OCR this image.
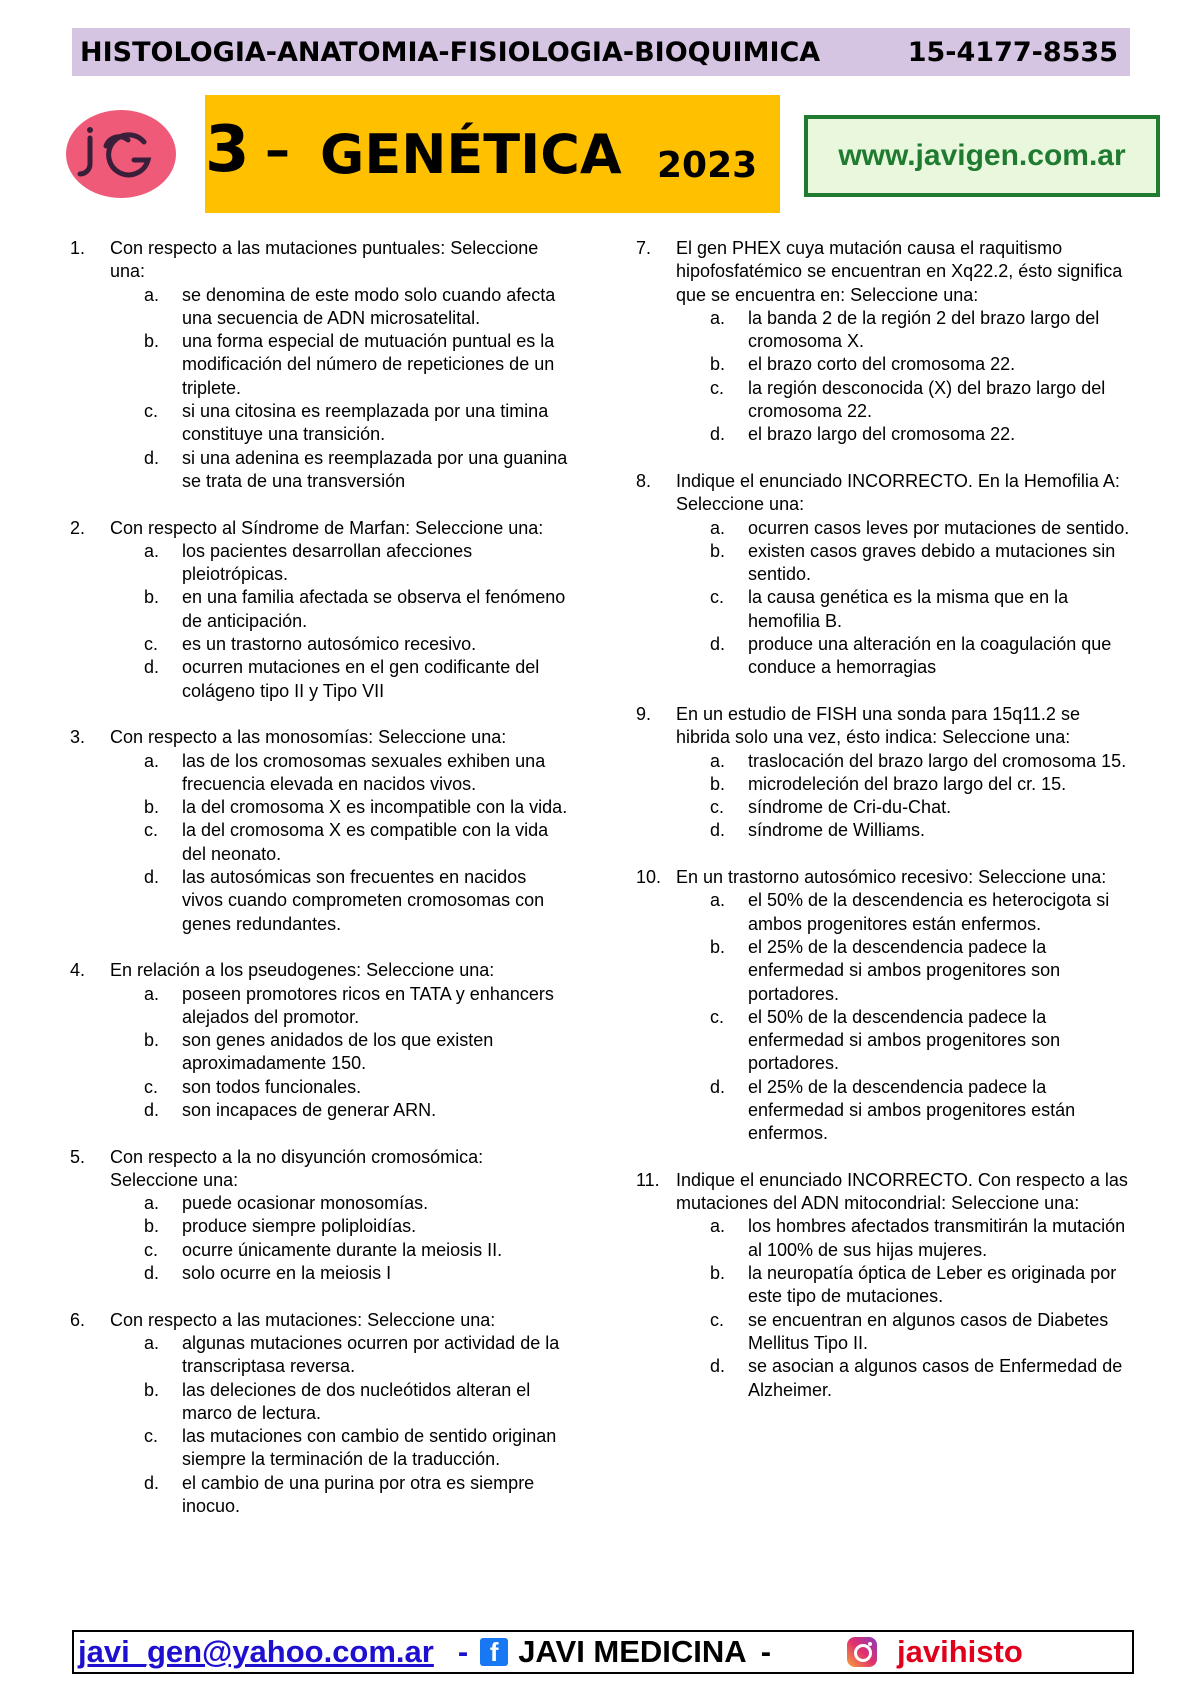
HISTOLOGIA-ANATOMIA-FISIOLOGIA-BIOQUIMICA	15-4177-8535
3 – GENÉTICA 2023	www.javigen.com.ar
1.	Con respecto a las mutaciones puntuales: Seleccione una:
a.	se denomina de este modo solo cuando afecta una secuencia de ADN microsatelital.
b.	una forma especial de mutuación puntual es la modificación del número de repeticiones de un triplete.
c.	si una citosina es reemplazada por una timina constituye una transición.
d.	si una adenina es reemplazada por una guanina se trata de una transversión
2.	Con respecto al Síndrome de Marfan: Seleccione una:
a.	los pacientes desarrollan afecciones pleiotrópicas.
b.	en una familia afectada se observa el fenómeno de anticipación.
c.	es un trastorno autosómico recesivo.
d.	ocurren mutaciones en el gen codificante del colágeno tipo II y Tipo VII
3.	Con respecto a las monosomías: Seleccione una:
a.	las de los cromosomas sexuales exhiben una frecuencia elevada en nacidos vivos.
b.	la del cromosoma X es incompatible con la vida.
c.	la del cromosoma X es compatible con la vida del neonato.
d.	las autosómicas son frecuentes en nacidos vivos cuando comprometen cromosomas con genes redundantes.
4.	En relación a los pseudogenes: Seleccione una:
a.	poseen promotores ricos en TATA y enhancers alejados del promotor.
b.	son genes anidados de los que existen aproximadamente 150.
c.	son todos funcionales.
d.	son incapaces de generar ARN.
5.	Con respecto a la no disyunción cromosómica: Seleccione una:
a.	puede ocasionar monosomías.
b.	produce siempre poliploidías.
c.	ocurre únicamente durante la meiosis II.
d.	solo ocurre en la meiosis I
6.	Con respecto a las mutaciones: Seleccione una:
a.	algunas mutaciones ocurren por actividad de la transcriptasa reversa.
b.	las deleciones de dos nucleótidos alteran el marco de lectura.
c.	las mutaciones con cambio de sentido originan siempre la terminación de la traducción.
d.	el cambio de una purina por otra es siempre inocuo.
7.	El gen PHEX cuya mutación causa el raquitismo hipofosfatémico se encuentran en Xq22.2, ésto significa que se encuentra en: Seleccione una:
a.	la banda 2 de la región 2 del brazo largo del cromosoma X.
b.	el brazo corto del cromosoma 22.
c.	la región desconocida (X) del brazo largo del cromosoma 22.
d.	el brazo largo del cromosoma 22.
8.	Indique el enunciado INCORRECTO. En la Hemofilia A: Seleccione una:
a.	ocurren casos leves por mutaciones de sentido.
b.	existen casos graves debido a mutaciones sin sentido.
c.	la causa genética es la misma que en la hemofilia B.
d.	produce una alteración en la coagulación que conduce a hemorragias
9.	En un estudio de FISH una sonda para 15q11.2 se hibrida solo una vez, ésto indica: Seleccione una:
a.	traslocación del brazo largo del cromosoma 15.
b.	microdeleción del brazo largo del cr. 15.
c.	síndrome de Cri-du-Chat.
d.	síndrome de Williams.
10. En un trastorno autosómico recesivo: Seleccione una:
a.	el 50% de la descendencia es heterocigota si ambos progenitores están enfermos.
b.	el 25% de la descendencia padece la enfermedad si ambos progenitores son portadores.
c.	el 50% de la descendencia padece la enfermedad si ambos progenitores son portadores.
d.	el 25% de la descendencia padece la enfermedad si ambos progenitores están enfermos.
11. Indique el enunciado INCORRECTO. Con respecto a las mutaciones del ADN mitocondrial: Seleccione una:
a.	los hombres afectados transmitirán la mutación al 100% de sus hijas mujeres.
b.	la neuropatía óptica de Leber es originada por este tipo de mutaciones.
c.	se encuentran en algunos casos de Diabetes Mellitus Tipo II.
d.	se asocian a algunos casos de Enfermedad de Alzheimer.
javi_gen@yahoo.com.ar - f JAVI MEDICINA -	javihisto
